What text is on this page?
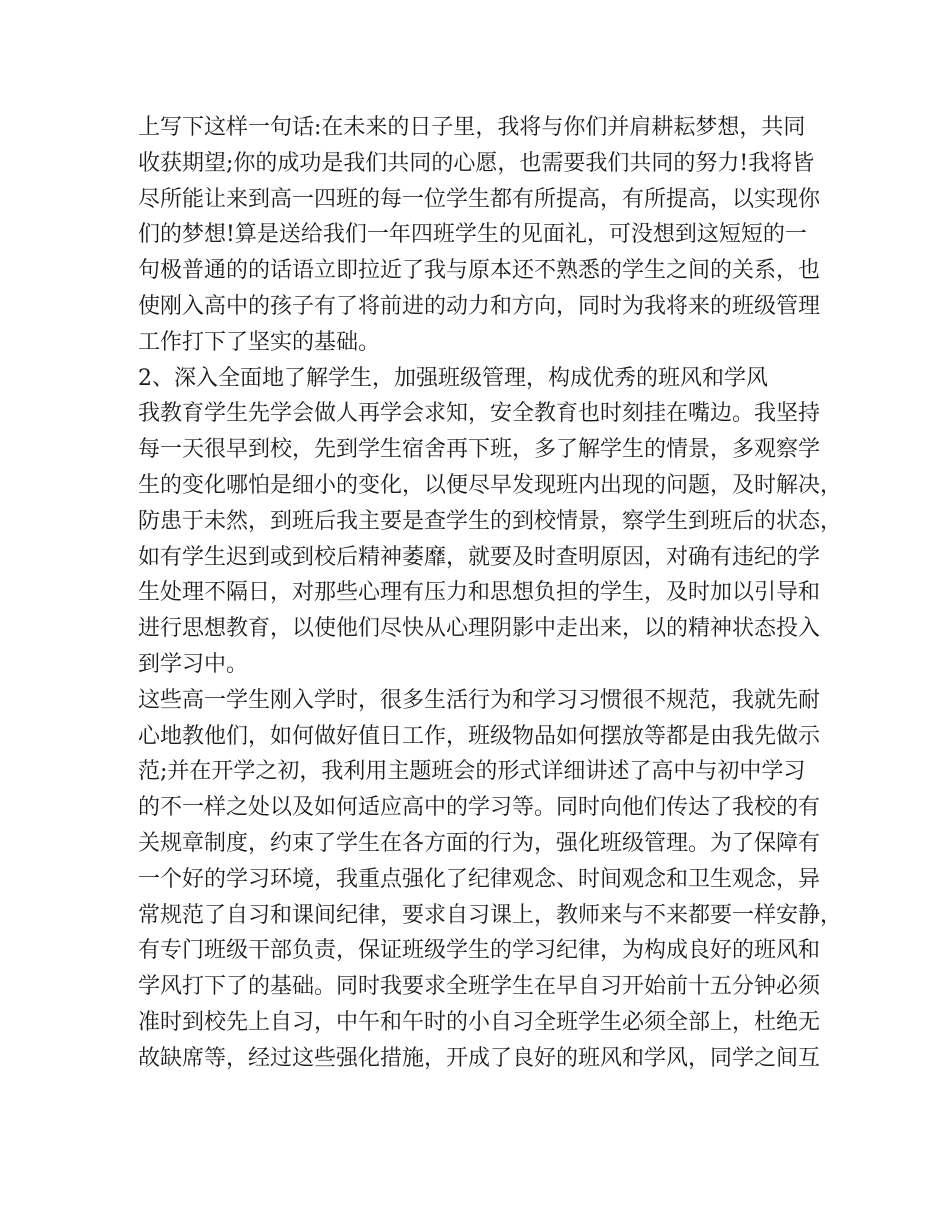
上写下这样一句话:在未来的日子里，我将与你们并肩耕耘梦想，共同
收获期望;你的成功是我们共同的心愿，也需要我们共同的努力!我将皆
尽所能让来到高一四班的每一位学生都有所提高，有所提高，以实现你
们的梦想!算是送给我们一年四班学生的见面礼，可没想到这短短的一
句极普通的的话语立即拉近了我与原本还不熟悉的学生之间的关系，也
使刚入高中的孩子有了将前进的动力和方向，同时为我将来的班级管理
工作打下了坚实的基础。
2、深入全面地了解学生，加强班级管理，构成优秀的班风和学风
我教育学生先学会做人再学会求知，安全教育也时刻挂在嘴边。我坚持
每一天很早到校，先到学生宿舍再下班，多了解学生的情景，多观察学
生的变化哪怕是细小的变化，以便尽早发现班内出现的问题，及时解决，
防患于未然，到班后我主要是查学生的到校情景，察学生到班后的状态，
如有学生迟到或到校后精神萎靡，就要及时查明原因，对确有违纪的学
生处理不隔日，对那些心理有压力和思想负担的学生，及时加以引导和
进行思想教育，以使他们尽快从心理阴影中走出来，以的精神状态投入
到学习中。
这些高一学生刚入学时，很多生活行为和学习习惯很不规范，我就先耐
心地教他们，如何做好值日工作，班级物品如何摆放等都是由我先做示
范;并在开学之初，我利用主题班会的形式详细讲述了高中与初中学习
的不一样之处以及如何适应高中的学习等。同时向他们传达了我校的有
关规章制度，约束了学生在各方面的行为，强化班级管理。为了保障有
一个好的学习环境，我重点强化了纪律观念、时间观念和卫生观念，异
常规范了自习和课间纪律，要求自习课上，教师来与不来都要一样安静，
有专门班级干部负责，保证班级学生的学习纪律，为构成良好的班风和
学风打下了的基础。同时我要求全班学生在早自习开始前十五分钟必须
准时到校先上自习，中午和午时的小自习全班学生必须全部上，杜绝无
故缺席等，经过这些强化措施，开成了良好的班风和学风，同学之间互
